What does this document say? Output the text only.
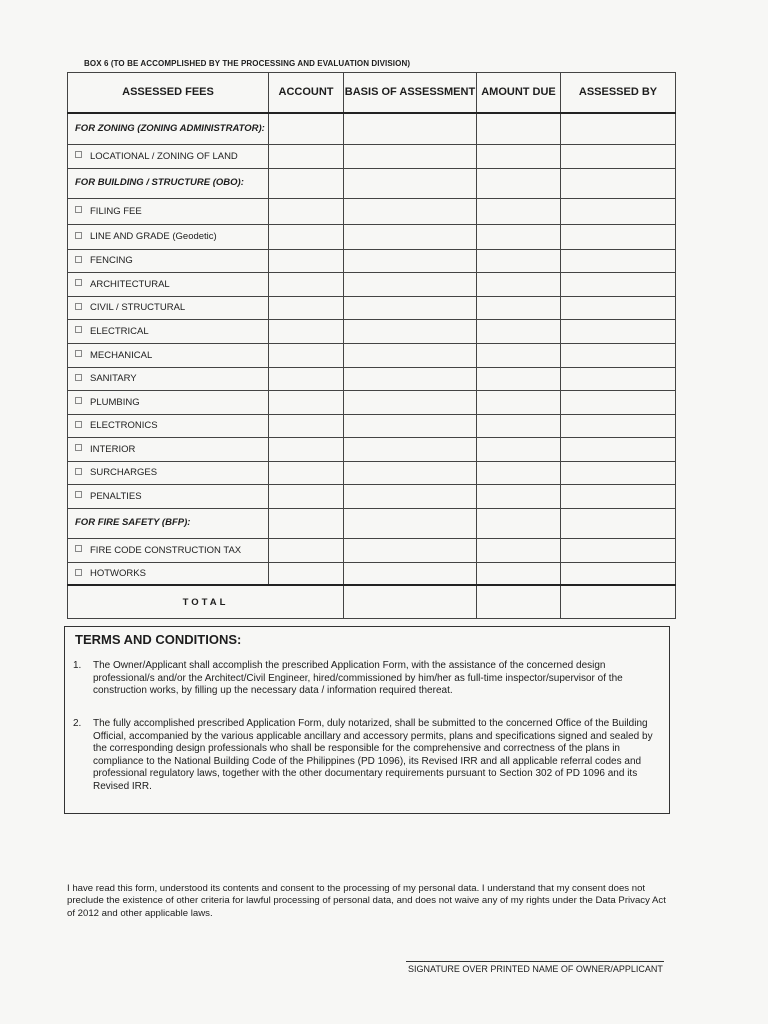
BOX 6 (TO BE ACCOMPLISHED BY THE PROCESSING AND EVALUATION DIVISION)
ASSESSED FEES	ACCOUNT	BASIS OF ASSESSMENT	AMOUNT DUE	ASSESSED BY
FOR ZONING (ZONING ADMINISTRATOR):				
LOCATIONAL / ZONING OF LAND				
FOR BUILDING / STRUCTURE (OBO):				
FILING FEE				
LINE AND GRADE (Geodetic)				
FENCING				
ARCHITECTURAL				
CIVIL / STRUCTURAL				
ELECTRICAL				
MECHANICAL				
SANITARY				
PLUMBING				
ELECTRONICS				
INTERIOR				
SURCHARGES				
PENALTIES				
FOR FIRE SAFETY (BFP):				
FIRE CODE CONSTRUCTION TAX				
HOTWORKS				
TOTAL				
TERMS AND CONDITIONS:
1.	The Owner/Applicant shall accomplish the prescribed Application Form, with the assistance of the concerned design professional/s and/or the Architect/Civil Engineer, hired/commissioned by him/her as full-time inspector/supervisor of the construction works, by filling up the necessary data / information required thereat.
2.	The fully accomplished prescribed Application Form, duly notarized, shall be submitted to the concerned Office of the Building Official, accompanied by the various applicable ancillary and accessory permits, plans and specifications signed and sealed by the corresponding design professionals who shall be responsible for the comprehensive and correctness of the plans in compliance to the National Building Code of the Philippines (PD 1096), its Revised IRR and all applicable referral codes and professional regulatory laws, together with the other documentary requirements pursuant to Section 302 of PD 1096 and its Revised IRR.
I have read this form, understood its contents and consent to the processing of my personal data. I understand that my consent does not preclude the existence of other criteria for lawful processing of personal data, and does not waive any of my rights under the Data Privacy Act of 2012 and other applicable laws.
SIGNATURE OVER PRINTED NAME OF OWNER/APPLICANT
